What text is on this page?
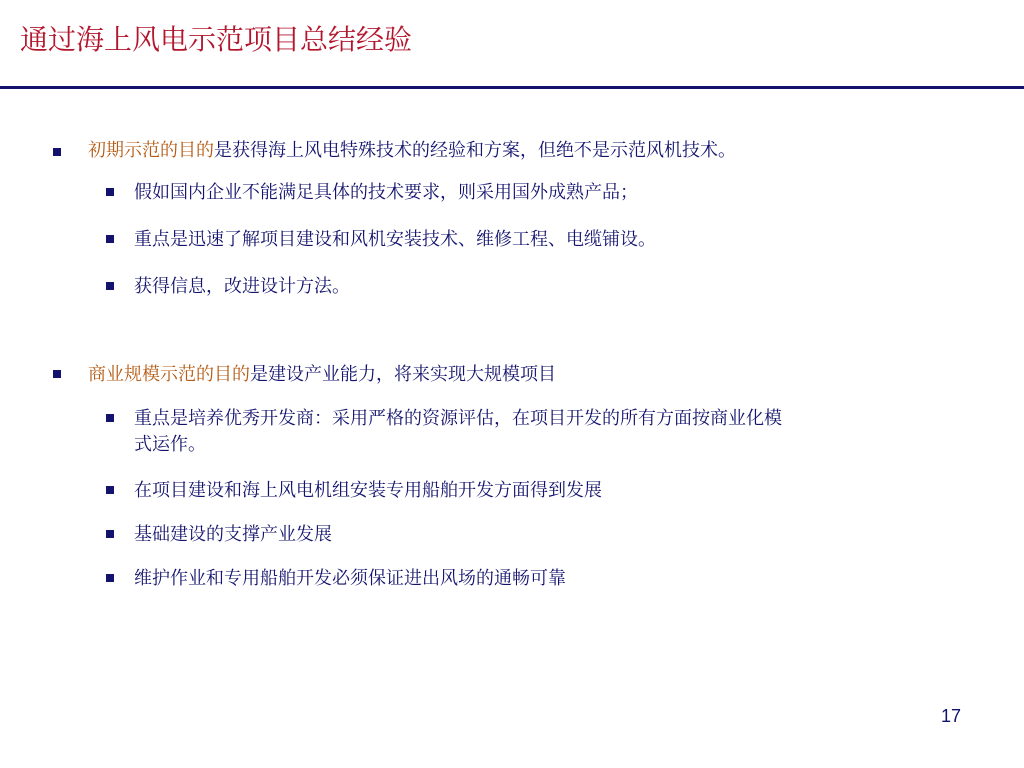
通过海上风电示范项目总结经验
初期示范的目的是获得海上风电特殊技术的经验和方案，但绝不是示范风机技术。
假如国内企业不能满足具体的技术要求，则采用国外成熟产品；
重点是迅速了解项目建设和风机安装技术、维修工程、电缆铺设。
获得信息，改进设计方法。
商业规模示范的目的是建设产业能力，将来实现大规模项目
重点是培养优秀开发商：采用严格的资源评估，在项目开发的所有方面按商业化模
式运作。
在项目建设和海上风电机组安装专用船舶开发方面得到发展
基础建设的支撑产业发展
维护作业和专用船舶开发必须保证进出风场的通畅可靠
17
